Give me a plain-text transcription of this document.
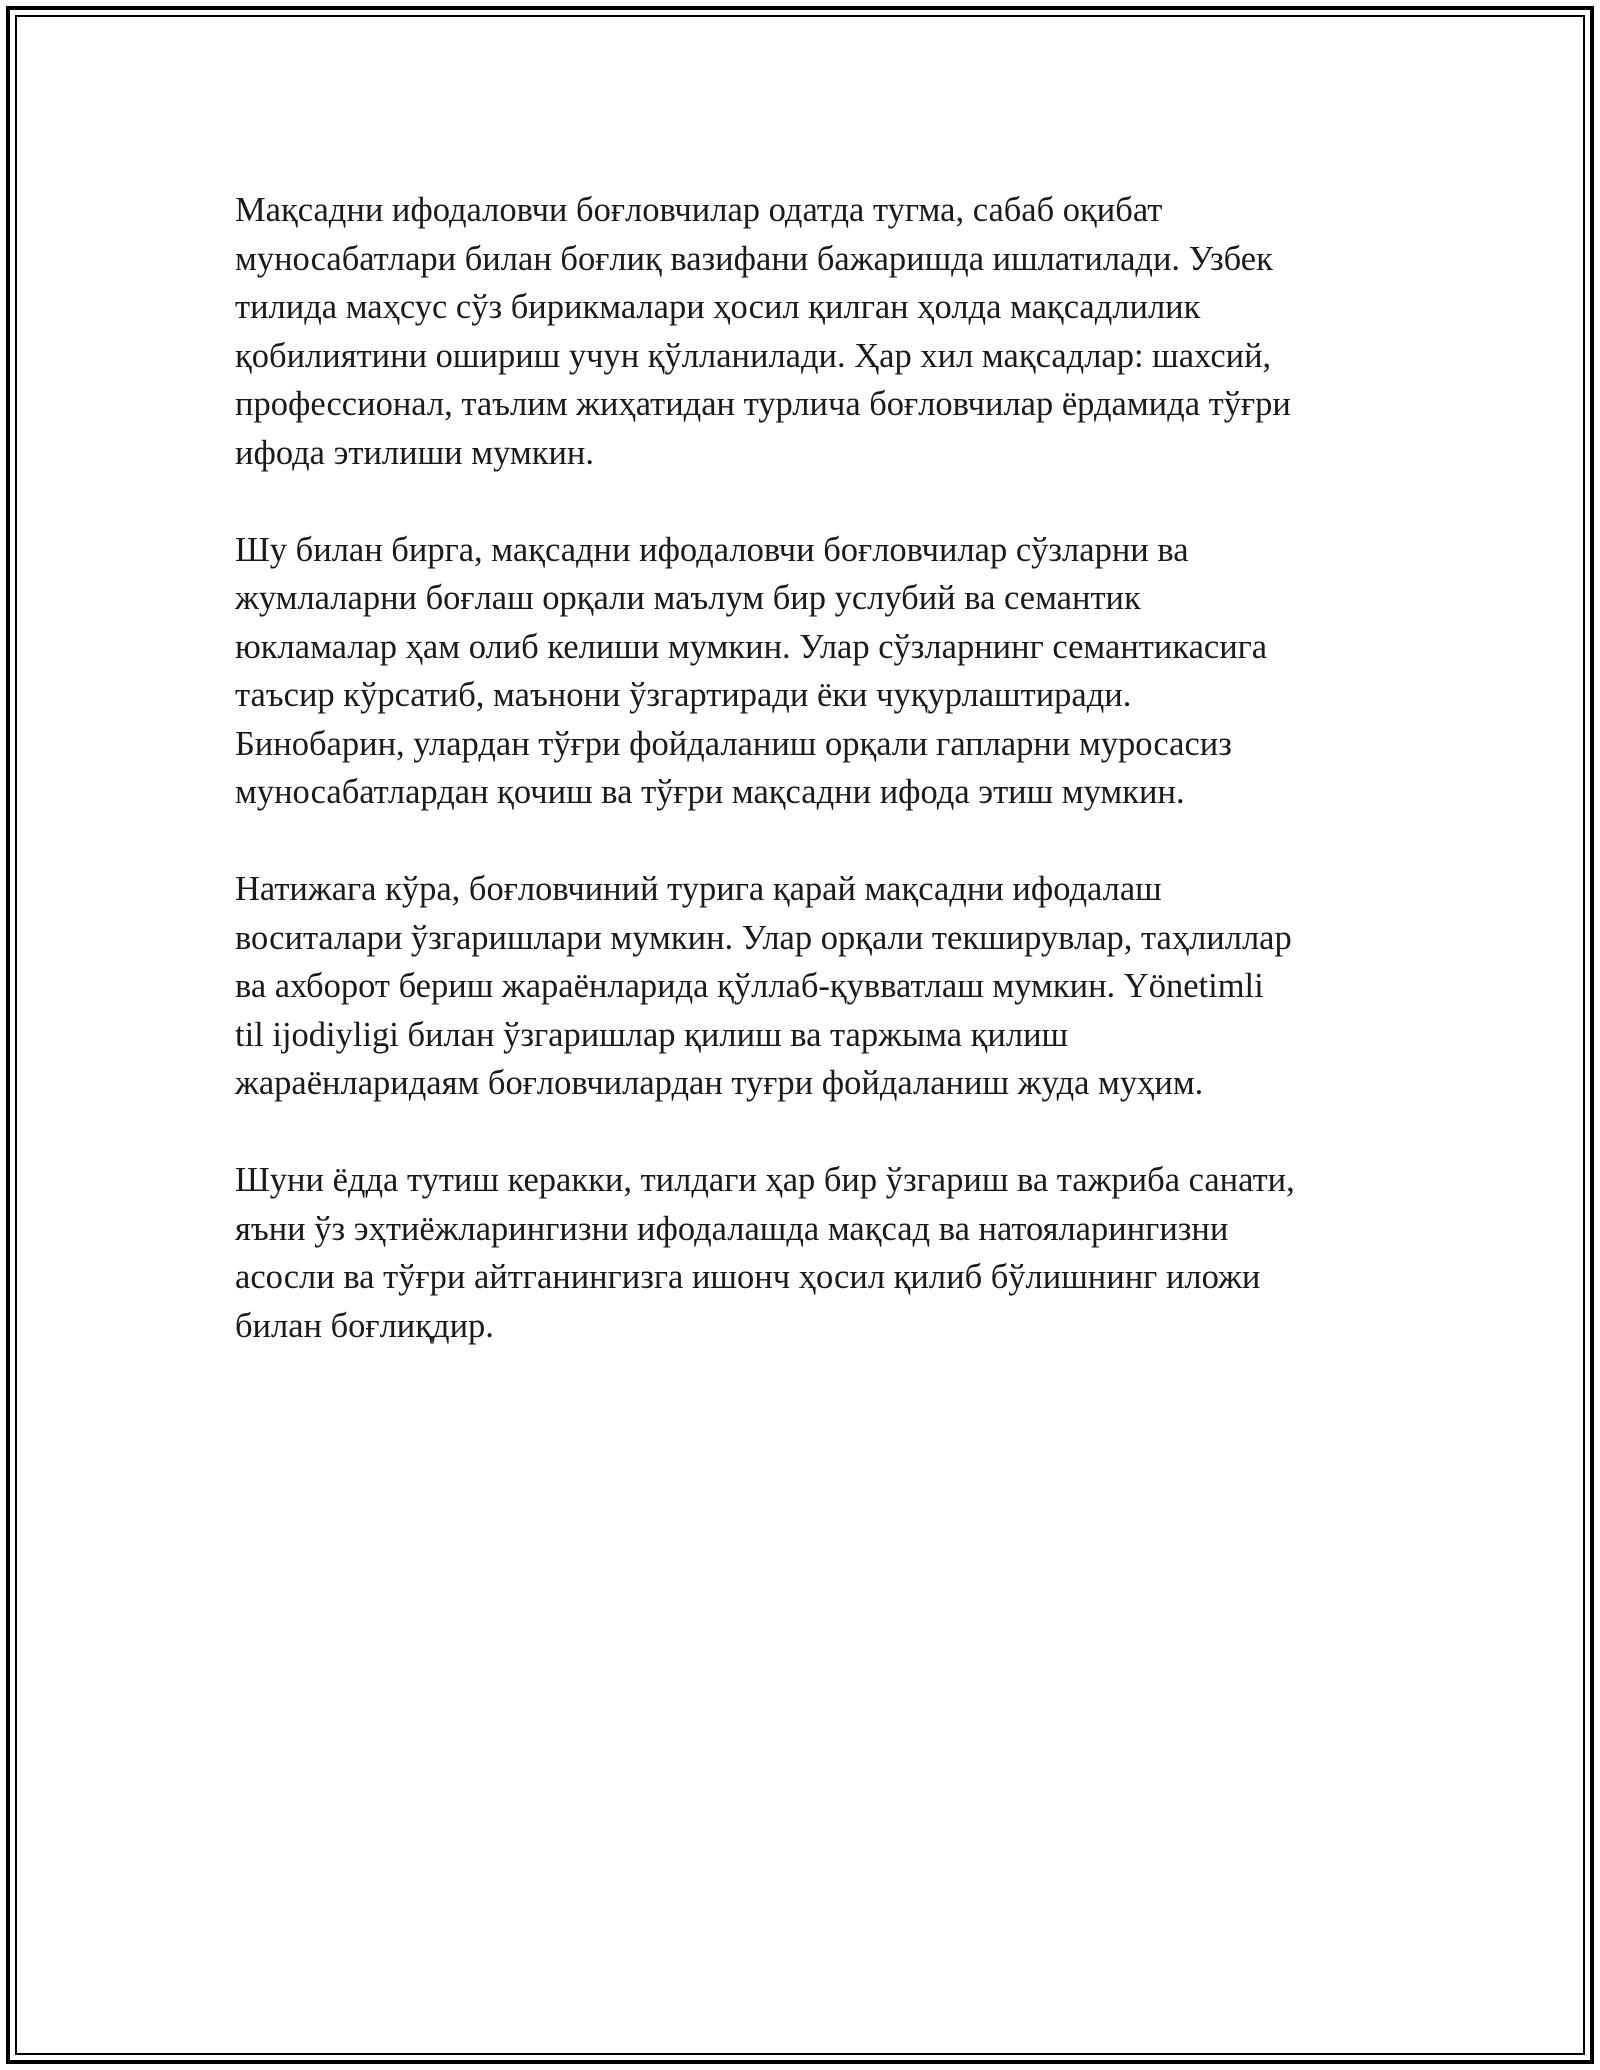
Мақсадни ифодаловчи боғловчилар одатда тугма, сабаб оқибат
муносабатлари билан боғлиқ вазифани бажаришда ишлатилади. Узбек
тилида маҳсус сўз бирикмалари ҳосил қилган ҳолда мақсадлилик
қобилиятини ошириш учун қўлланилади. Ҳар хил мақсадлар: шахсий,
профессионал, таълим жиҳатидан турлича боғловчилар ёрдамида тўғри
ифода этилиши мумкин.

Шу билан бирга, мақсадни ифодаловчи боғловчилар сўзларни ва
жумлаларни боғлаш орқали маълум бир услубий ва семантик
юкламалар ҳам олиб келиши мумкин. Улар сўзларнинг семантикасига
таъсир кўрсатиб, маънони ўзгартиради ёки чуқурлаштиради.
Бинобарин, улардан тўғри фойдаланиш орқали гапларни муросасиз
муносабатлардан қочиш ва тўғри мақсадни ифода этиш мумкин.

Натижага кўра, боғловчиний турига қарай мақсадни ифодалаш
воситалари ўзгаришлари мумкин. Улар орқали текширувлар, таҳлиллар
ва ахборот бериш жараёнларида қўллаб-қувватлаш мумкин. Yönetimli
til ijodiyligi билан ўзгаришлар қилиш ва таржыма қилиш
жараёнларидаям боғловчилардан туғри фойдаланиш жуда муҳим.

Шуни ёдда тутиш керакки, тилдаги ҳар бир ўзгариш ва тажриба санати,
яъни ўз эҳтиёжларингизни ифодалашда мақсад ва натояларингизни
асосли ва тўғри айтганингизга ишонч ҳосил қилиб бўлишнинг иложи
билан боғлиқдир.
